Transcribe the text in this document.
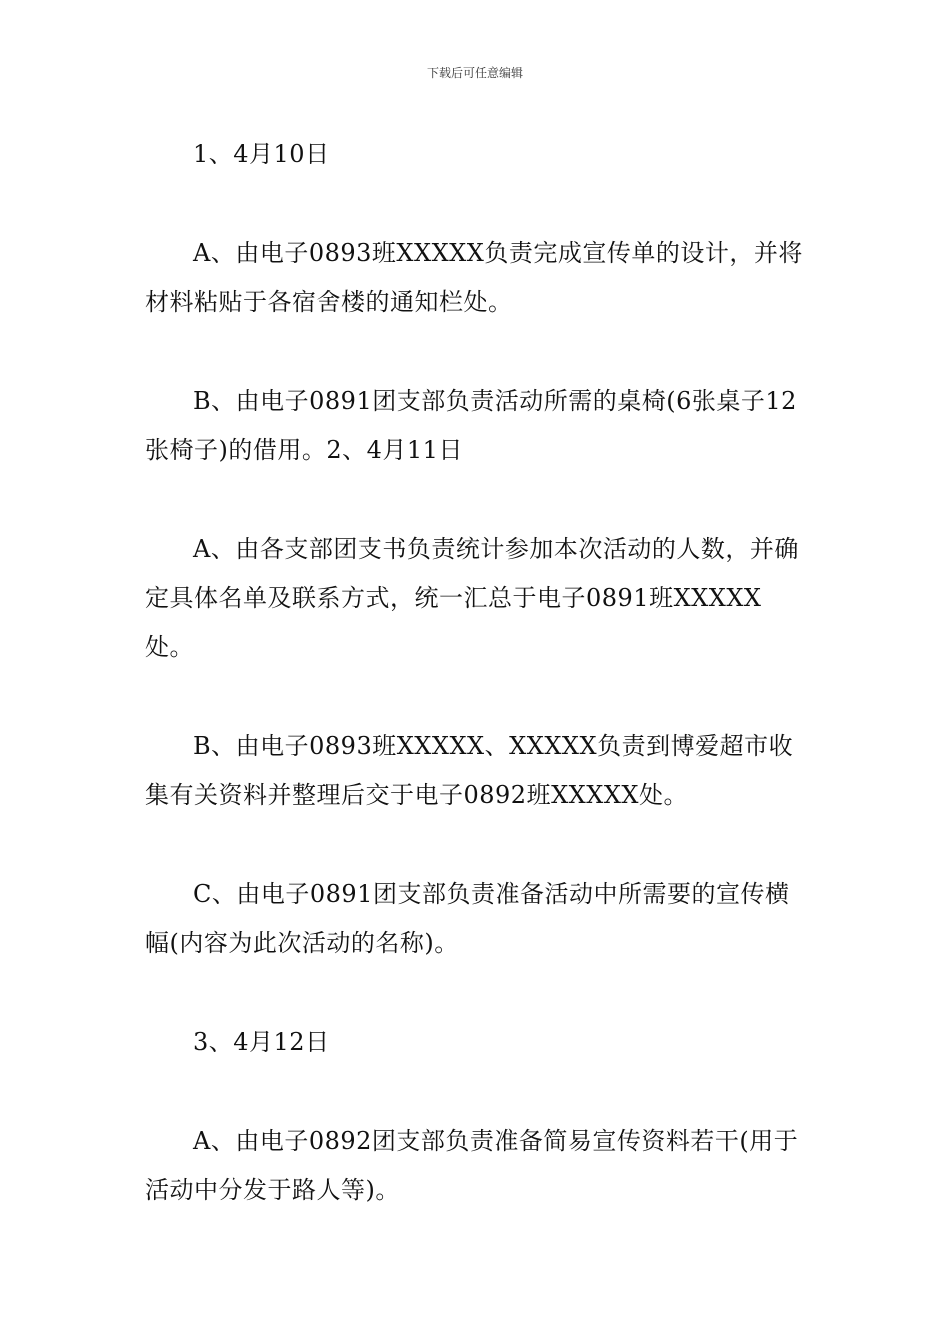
下载后可任意编辑

1、4月10日

A、由电子0893班XXXXX负责完成宣传单的设计，并将材料粘贴于各宿舍楼的通知栏处。

B、由电子0891团支部负责活动所需的桌椅(6张桌子12张椅子)的借用。2、4月11日

A、由各支部团支书负责统计参加本次活动的人数，并确定具体名单及联系方式，统一汇总于电子0891班XXXXX处。

B、由电子0893班XXXXX、XXXXX负责到博爱超市收集有关资料并整理后交于电子0892班XXXXX处。

C、由电子0891团支部负责准备活动中所需要的宣传横幅(内容为此次活动的名称)。

3、4月12日

A、由电子0892团支部负责准备简易宣传资料若干(用于活动中分发于路人等)。
